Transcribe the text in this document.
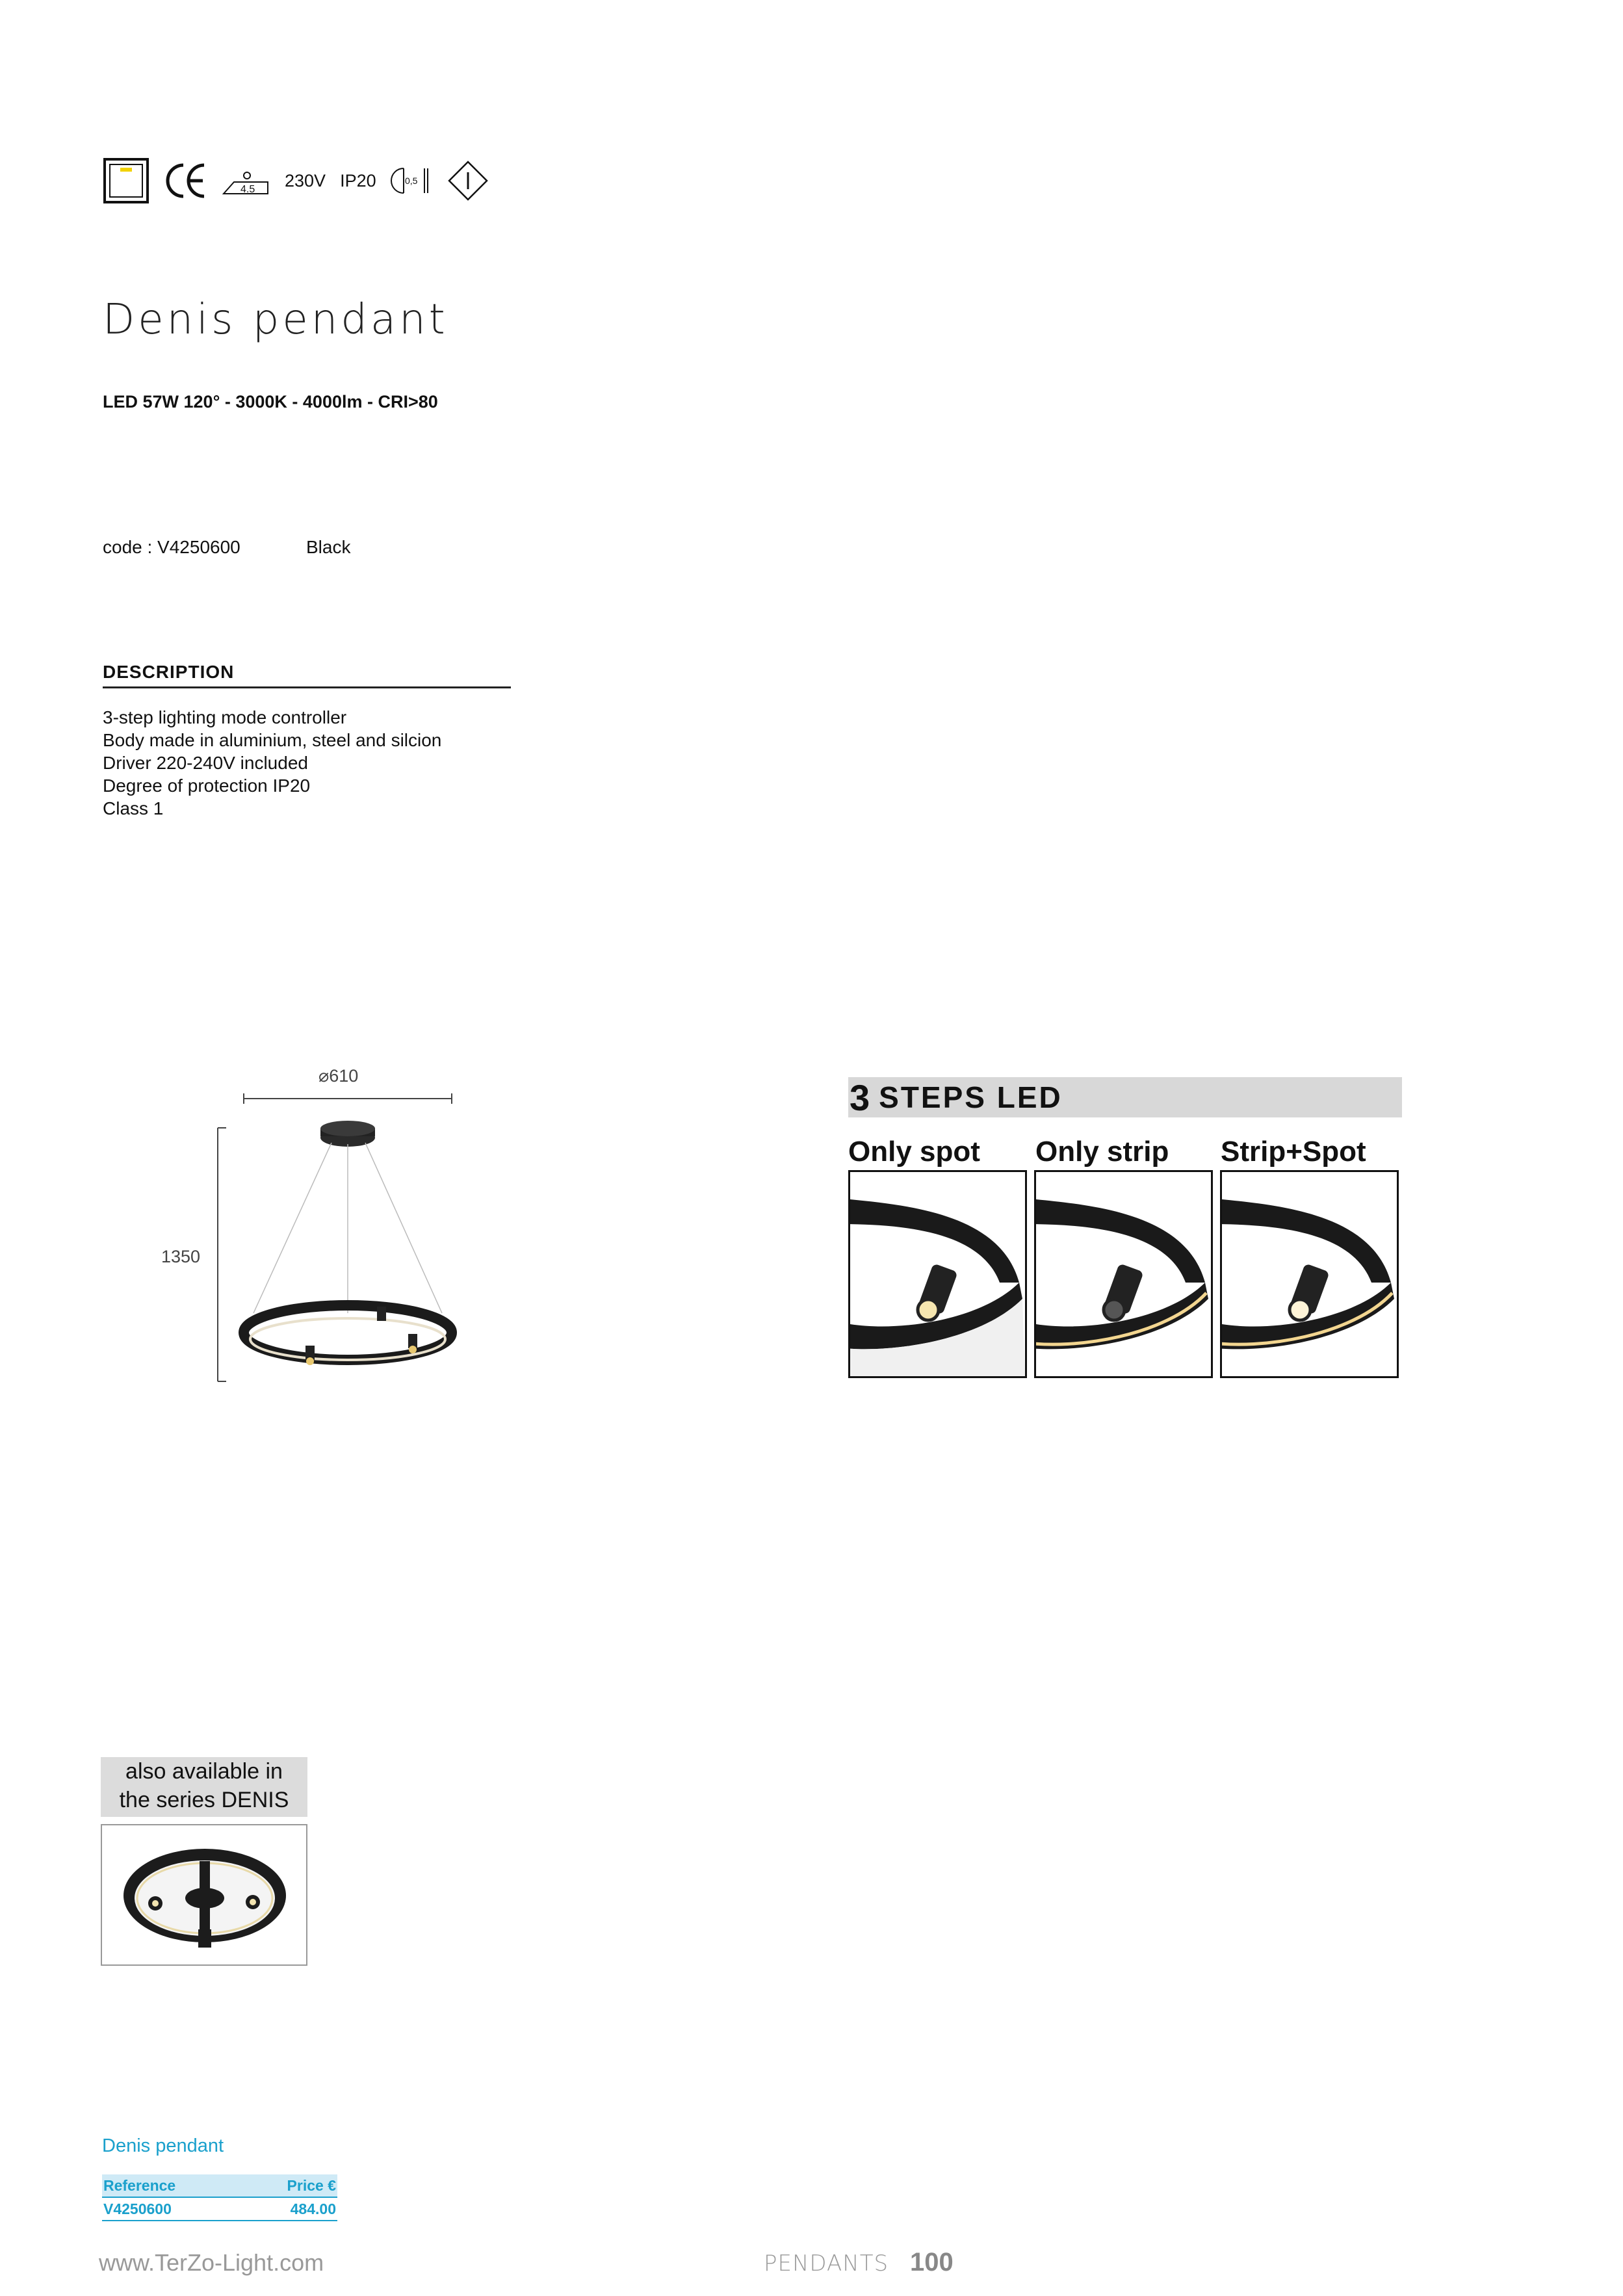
4.5 230V IP20	0,5
Denis pendant
LED 57W 120° - 3000K - 4000lm - CRI>80
code : V4250600	Black
DESCRIPTION
3-step lighting mode controller
Body made in aluminium, steel and silcion
Driver 220-240V included
Degree of protection IP20
Class 1
⌀610
1350
3 STEPS LED
Only spot Only strip Strip+Spot
also available in
the series DENIS
Denis pendant
Reference	Price €
V4250600	484.00
www.TerZo-Light.com	PENDANTS 100
